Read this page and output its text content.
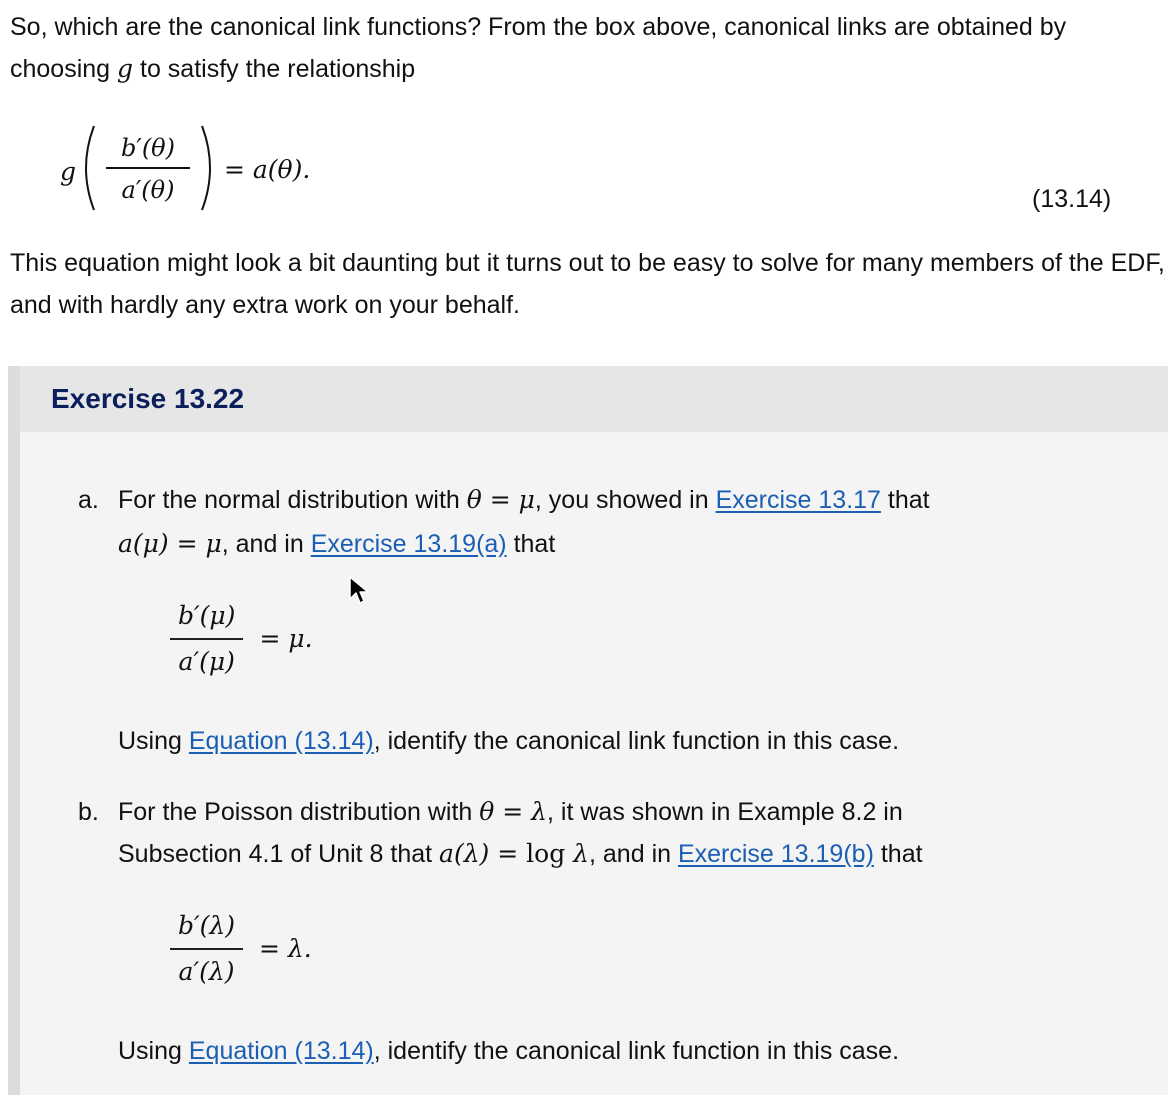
So, which are the canonical link functions? From the box above, canonical links are obtained by choosing g to satisfy the relationship
g
b′(θ)
a′(θ)
= a(θ).
(13.14)
This equation might look a bit daunting but it turns out to be easy to solve for many members of the EDF, and with hardly any extra work on your behalf.
Exercise 13.22
a. For the normal distribution with θ = μ, you showed in Exercise 13.17 that
a(μ) = μ, and in Exercise 13.19(a) that
$\frac{b'(\mu)}{a'(\mu)} = \mu$.
Using Equation (13.14), identify the canonical link function in this case.
b. For the Poisson distribution with θ = λ, it was shown in Example 8.2 in
Subsection 4.1 of Unit 8 that a(λ) = log λ, and in Exercise 13.19(b) that
$\frac{b'(\lambda)}{a'(\lambda)} = \lambda$.
Using Equation (13.14), identify the canonical link function in this case.
